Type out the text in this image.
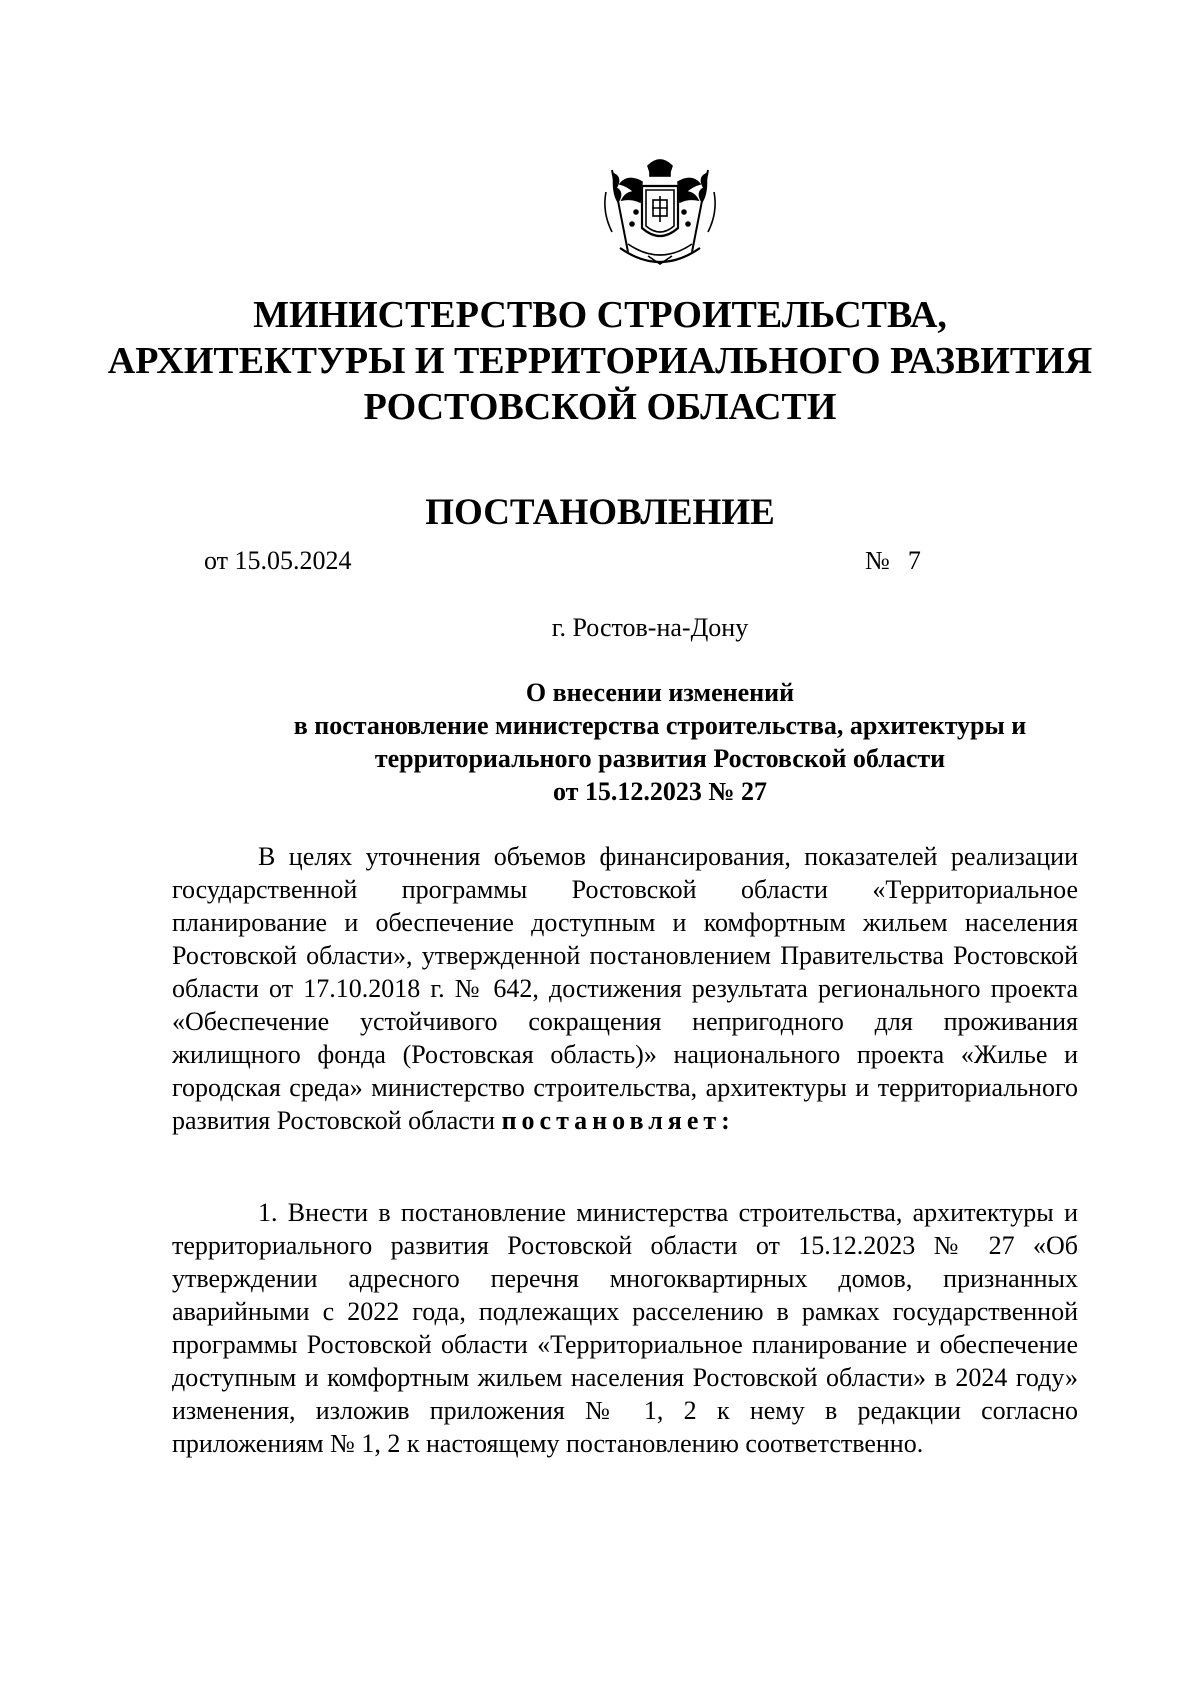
МИНИСТЕРСТВО СТРОИТЕЛЬСТВА,
АРХИТЕКТУРЫ И ТЕРРИТОРИАЛЬНОГО РАЗВИТИЯ
РОСТОВСКОЙ ОБЛАСТИ
ПОСТАНОВЛЕНИЕ
от 15.05.2024	№ 7
г. Ростов-на-Дону
О внесении изменений
в постановление министерства строительства, архитектуры и
территориального развития Ростовской области
от 15.12.2023 № 27

В целях уточнения объемов финансирования, показателей реализации государственной программы Ростовской области «Территориальное планирование и обеспечение доступным и комфортным жильем населения Ростовской области», утвержденной постановлением Правительства Ростовской области от 17.10.2018 г. № 642, достижения результата регионального проекта «Обеспечение устойчивого сокращения непригодного для проживания жилищного фонда (Ростовская область)» национального проекта «Жилье и городская среда» министерство строительства, архитектуры и территориального развития Ростовской области постановляет:

1. Внести в постановление министерства строительства, архитектуры и территориального развития Ростовской области от 15.12.2023 № 27 «Об утверждении адресного перечня многоквартирных домов, признанных аварийными с 2022 года, подлежащих расселению в рамках государственной программы Ростовской области «Территориальное планирование и обеспечение доступным и комфортным жильем населения Ростовской области» в 2024 году» изменения, изложив приложения № 1, 2 к нему в редакции согласно приложениям № 1, 2 к настоящему постановлению соответственно.
